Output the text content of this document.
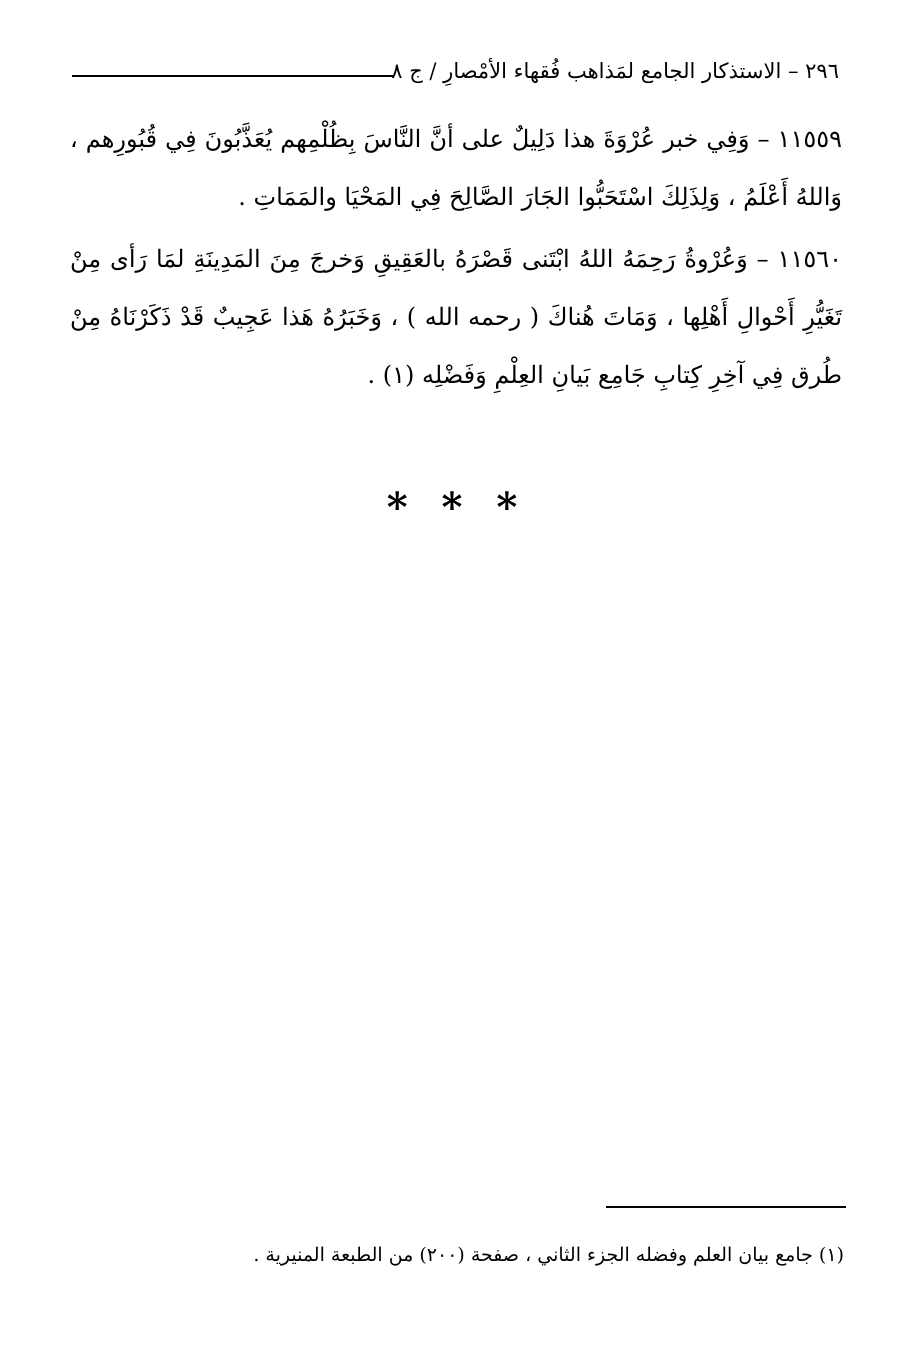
٢٩٦ – الاستذكار الجامع لمَذاهب فُقهاء الأمْصارِ / ج ٨

١١٥٥٩ – وَفِي خبر عُرْوَةَ هذا دَلِيلٌ على أنَّ النَّاسَ بِظُلْمِهم يُعَذَّبُونَ فِي قُبُورِهم ، وَاللهُ أَعْلَمُ ، وَلِذَلِكَ اسْتَحَبُّوا الجَارَ الصَّالِحَ فِي المَحْيَا والمَمَاتِ .

١١٥٦٠ – وَعُرْوةُ رَحِمَهُ اللهُ ابْتَنى قَصْرَهُ بالعَقِيقِ وَخرجَ مِنَ المَدِينَةِ لمَا رَأى مِنْ تَغَيُّرِ أَحْوالِ أَهْلِها ، وَمَاتَ هُناكَ ( رحمه الله ) ، وَخَبَرُهُ هَذا عَجِيبٌ قَدْ ذَكَرْنَاهُ مِنْ طُرق فِي آخِرِ كِتابِ جَامِع بَيانِ العِلْمِ وَفَضْلِه (١) .

* * *
(١) جامع بيان العلم وفضله الجزء الثاني ، صفحة (٢٠٠) من الطبعة المنيرية .
